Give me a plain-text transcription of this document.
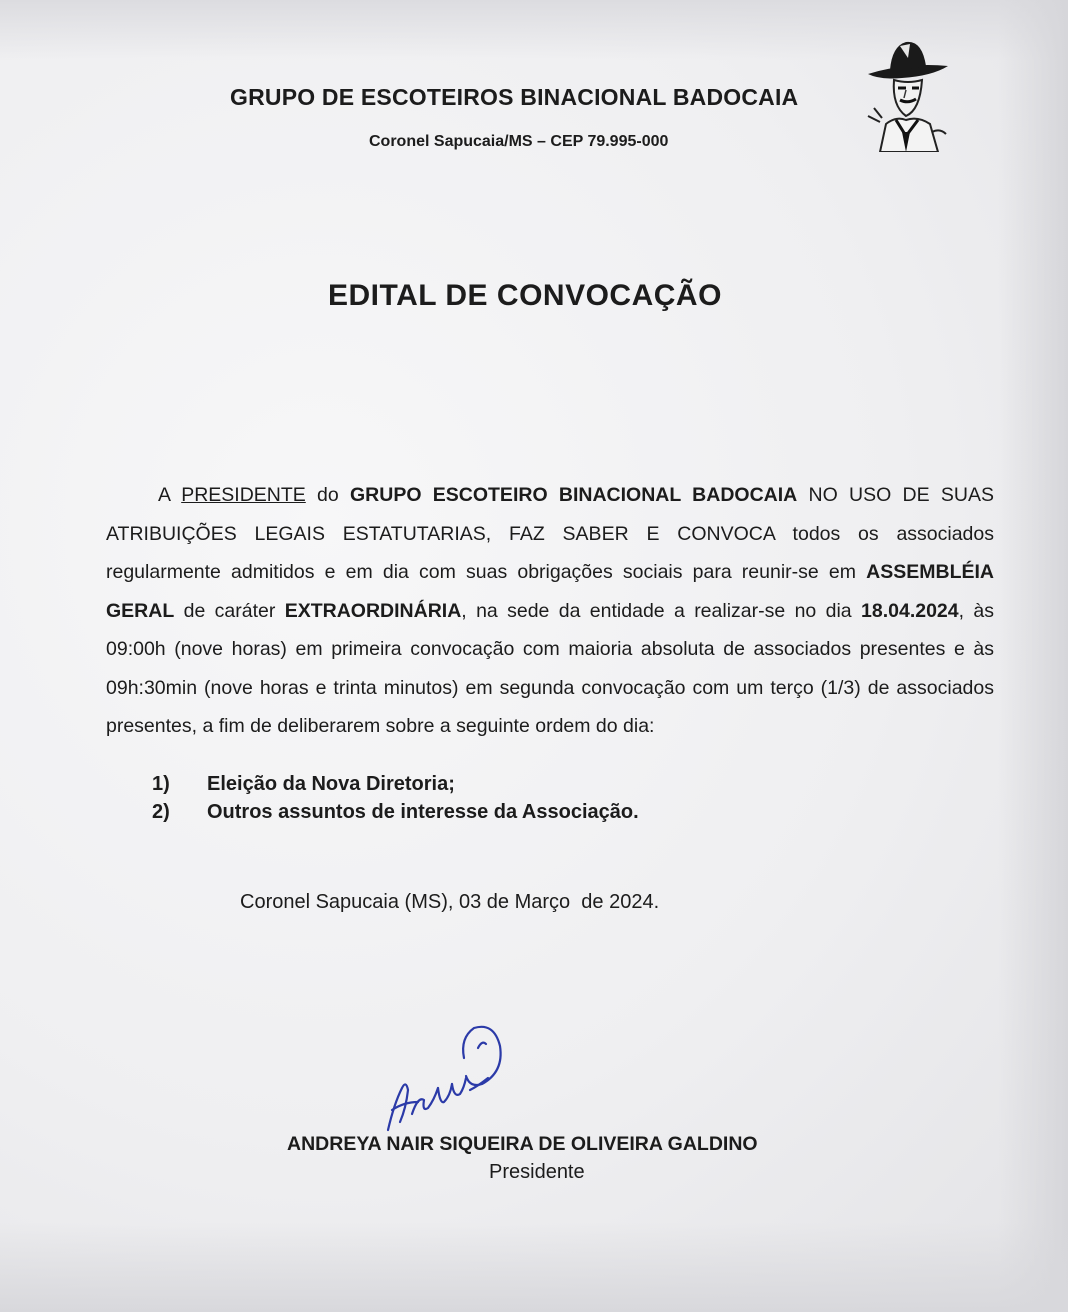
GRUPO DE ESCOTEIROS BINACIONAL BADOCAIA
Coronel Sapucaia/MS – CEP 79.995-000
EDITAL DE CONVOCAÇÃO
A PRESIDENTE do GRUPO ESCOTEIRO BINACIONAL BADOCAIA NO USO DE SUAS ATRIBUIÇÕES LEGAIS ESTATUTARIAS, FAZ SABER E CONVOCA todos os associados regularmente admitidos e em dia com suas obrigações sociais para reunir-se em ASSEMBLÉIA GERAL de caráter EXTRAORDINÁRIA, na sede da entidade a realizar-se no dia 18.04.2024, às 09:00h (nove horas) em primeira convocação com maioria absoluta de associados presentes e às 09h:30min (nove horas e trinta minutos) em segunda convocação com um terço (1/3) de associados presentes, a fim de deliberarem sobre a seguinte ordem do dia:
1)	Eleição da Nova Diretoria;
2)	Outros assuntos de interesse da Associação.
Coronel Sapucaia (MS), 03 de Março  de 2024.
ANDREYA NAIR SIQUEIRA DE OLIVEIRA GALDINO
Presidente
